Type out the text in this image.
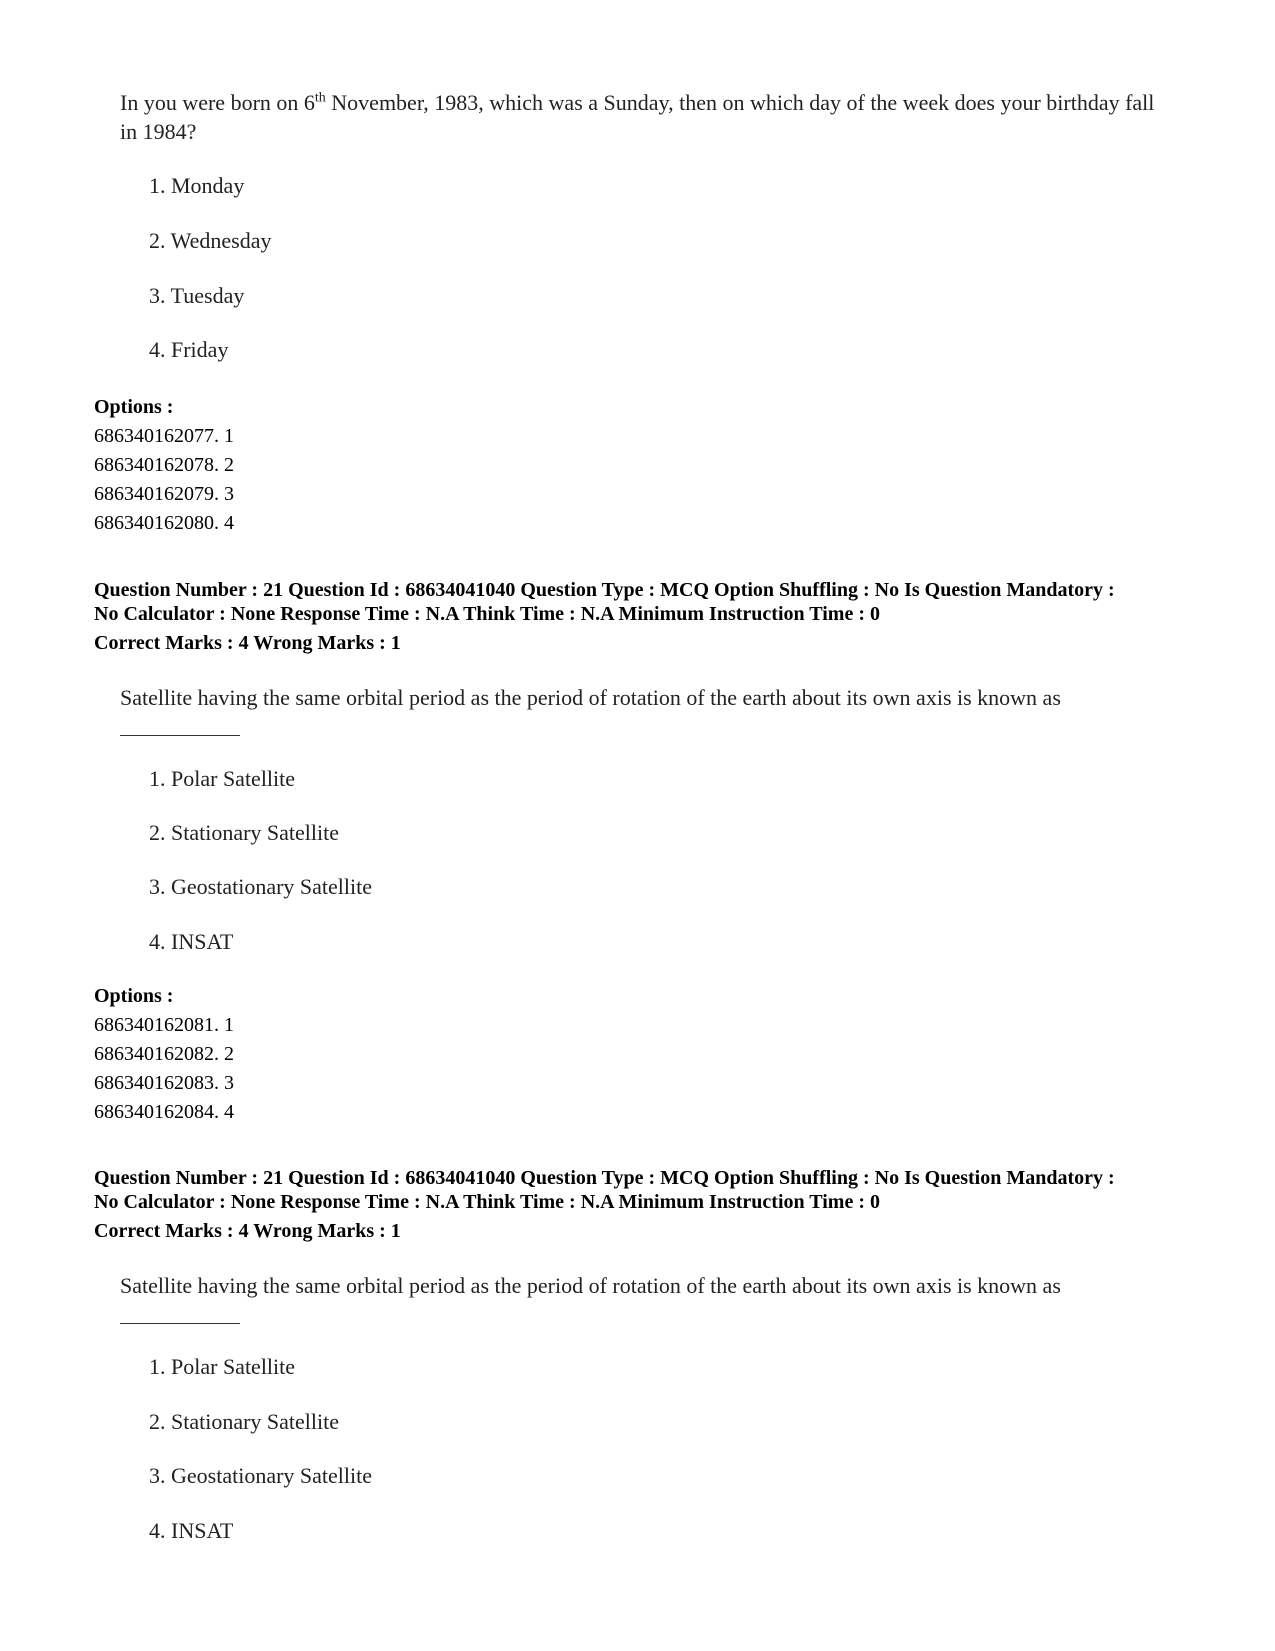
In you were born on 6th November, 1983, which was a Sunday, then on which day of the week does your birthday fall in 1984?
1. Monday
2. Wednesday
3. Tuesday
4. Friday
Options :
686340162077. 1
686340162078. 2
686340162079. 3
686340162080. 4
Question Number : 21 Question Id : 68634041040 Question Type : MCQ Option Shuffling : No Is Question Mandatory :
No Calculator : None Response Time : N.A Think Time : N.A Minimum Instruction Time : 0
Correct Marks : 4 Wrong Marks : 1
Satellite having the same orbital period as the period of rotation of the earth about its own axis is known as
1. Polar Satellite
2. Stationary Satellite
3. Geostationary Satellite
4. INSAT
Options :
686340162081. 1
686340162082. 2
686340162083. 3
686340162084. 4
Question Number : 21 Question Id : 68634041040 Question Type : MCQ Option Shuffling : No Is Question Mandatory :
No Calculator : None Response Time : N.A Think Time : N.A Minimum Instruction Time : 0
Correct Marks : 4 Wrong Marks : 1
Satellite having the same orbital period as the period of rotation of the earth about its own axis is known as
1. Polar Satellite
2. Stationary Satellite
3. Geostationary Satellite
4. INSAT
